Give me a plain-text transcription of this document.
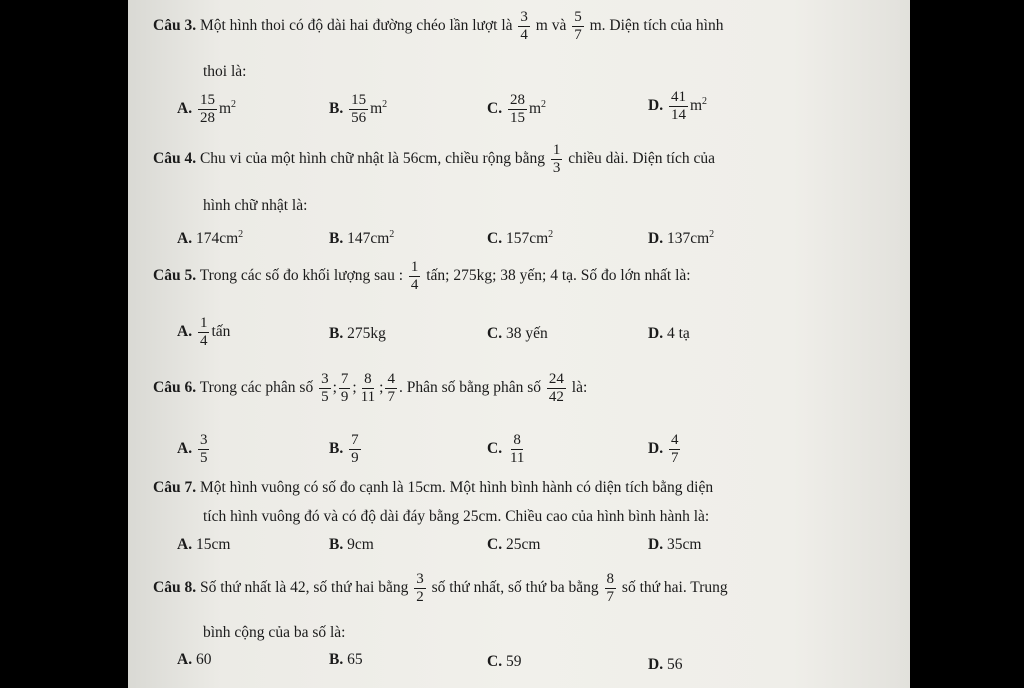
Câu 3. Một hình thoi có độ dài hai đường chéo lần lượt là $\frac{3}{4}$ m và $\frac{5}{7} m$. Diện tích của hình
thoi là:
A. $\frac{15}{28} m^2$	B. $\frac{15}{56} m^2$	C. $\frac{28}{15} m^2$	D. $\frac{41}{14} m^2$
Câu 4. Chu vi của một hình chữ nhật là 56cm, chiều rộng bằng $\frac{1}{3}$ chiều dài. Diện tích của
hình chữ nhật là:
A. $174cm^2$	B. $147cm^2$	C. $157cm^2$	D. $137cm^2$
Câu 5. Trong các số đo khối lượng sau : $\frac{1}{4}$ tấn; 275kg; 38 yến; 4 tạ. Số đo lớn nhất là:
A. $\frac{1}{4}$ tấn	B. 275kg	C. 38 yến	D. 4 tạ
Câu 6. Trong các phân số $\frac{3}{5}$ ; $\frac{7}{9}$ ; $\frac{8}{11}$ ; $\frac{4}{7}$ . Phân số bằng phân số $\frac{24}{42}$ là:
A. $\frac{3}{5}$	B. $\frac{7}{9}$	C. $\frac{8}{11}$	D. $\frac{4}{7}$
Câu 7. Một hình vuông có số đo cạnh là 15cm. Một hình bình hành có diện tích bằng diện
tích hình vuông đó và có độ dài đáy bằng 25cm. Chiều cao của hình bình hành là:
A. 15cm	B. 9cm	C. 25cm	D. 35cm
Câu 8. Số thứ nhất là 42, số thứ hai bằng $\frac{3}{2}$ số thứ nhất, số thứ ba bằng $\frac{8}{7}$ số thứ hai. Trung
bình cộng của ba số là:
A. 60	B. 65	C. 59	D. 56
